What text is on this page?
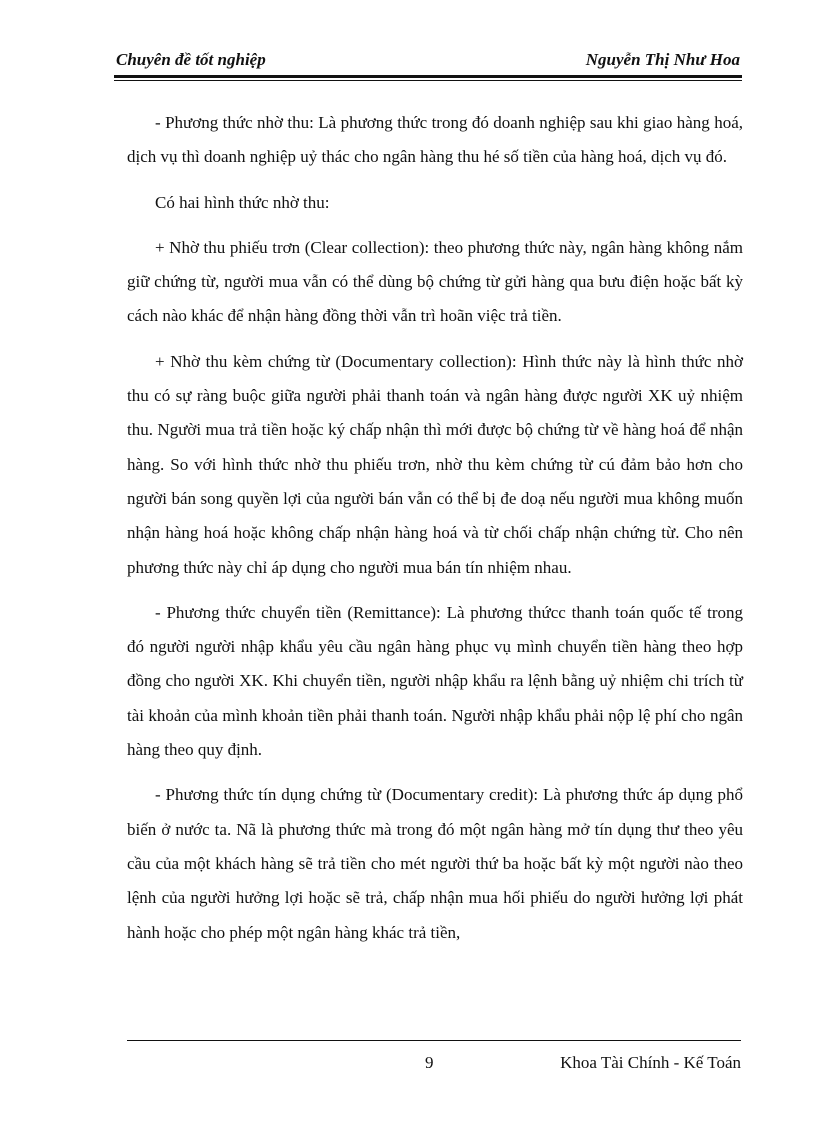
Chuyên đề tốt nghiệp	Nguyễn Thị Như Hoa

- Phương thức nhờ thu: Là phương thức trong đó doanh nghiệp sau khi giao hàng hoá, dịch vụ thì doanh nghiệp uỷ thác cho ngân hàng thu hé số tiền của hàng hoá, dịch vụ đó.

Có hai hình thức nhờ thu:

+ Nhờ thu phiếu trơn (Clear collection): theo phương thức này, ngân hàng không nắm giữ chứng từ, người mua vẫn có thể dùng bộ chứng từ gửi hàng qua bưu điện hoặc bất kỳ cách nào khác để nhận hàng đồng thời vẫn trì hoãn việc trả tiền.

+ Nhờ thu kèm chứng từ (Documentary collection): Hình thức này là hình thức nhờ thu có sự ràng buộc giữa người phải thanh toán và ngân hàng được người XK uỷ nhiệm thu. Người mua trả tiền hoặc ký chấp nhận thì mới được bộ chứng từ về hàng hoá để nhận hàng. So với hình thức nhờ thu phiếu trơn, nhờ thu kèm chứng từ cú đảm bảo hơn cho người bán song quyền lợi của người bán vẫn có thể bị đe doạ nếu người mua không muốn nhận hàng hoá hoặc không chấp nhận hàng hoá và từ chối chấp nhận chứng từ. Cho nên phương thức này chỉ áp dụng cho người mua bán tín nhiệm nhau.

- Phương thức chuyển tiền (Remittance): Là phương thứcc thanh toán quốc tế trong đó người người nhập khẩu yêu cầu ngân hàng phục vụ mình chuyển tiền hàng theo hợp đồng cho người XK. Khi chuyển tiền, người nhập khẩu ra lệnh bằng uỷ nhiệm chi trích từ tài khoản của mình khoản tiền phải thanh toán. Người nhập khẩu phải nộp lệ phí cho ngân hàng theo quy định.

- Phương thức tín dụng chứng từ (Documentary credit): Là phương thức áp dụng phổ biến ở nước ta. Nã là phương thức mà trong đó một ngân hàng mở tín dụng thư theo yêu cầu của một khách hàng sẽ trả tiền cho mét người thứ ba hoặc bất kỳ một người nào theo lệnh của người hưởng lợi hoặc sẽ trả, chấp nhận mua hối phiếu do người hưởng lợi phát hành hoặc cho phép một ngân hàng khác trả tiền,

9	Khoa Tài Chính - Kế Toán
